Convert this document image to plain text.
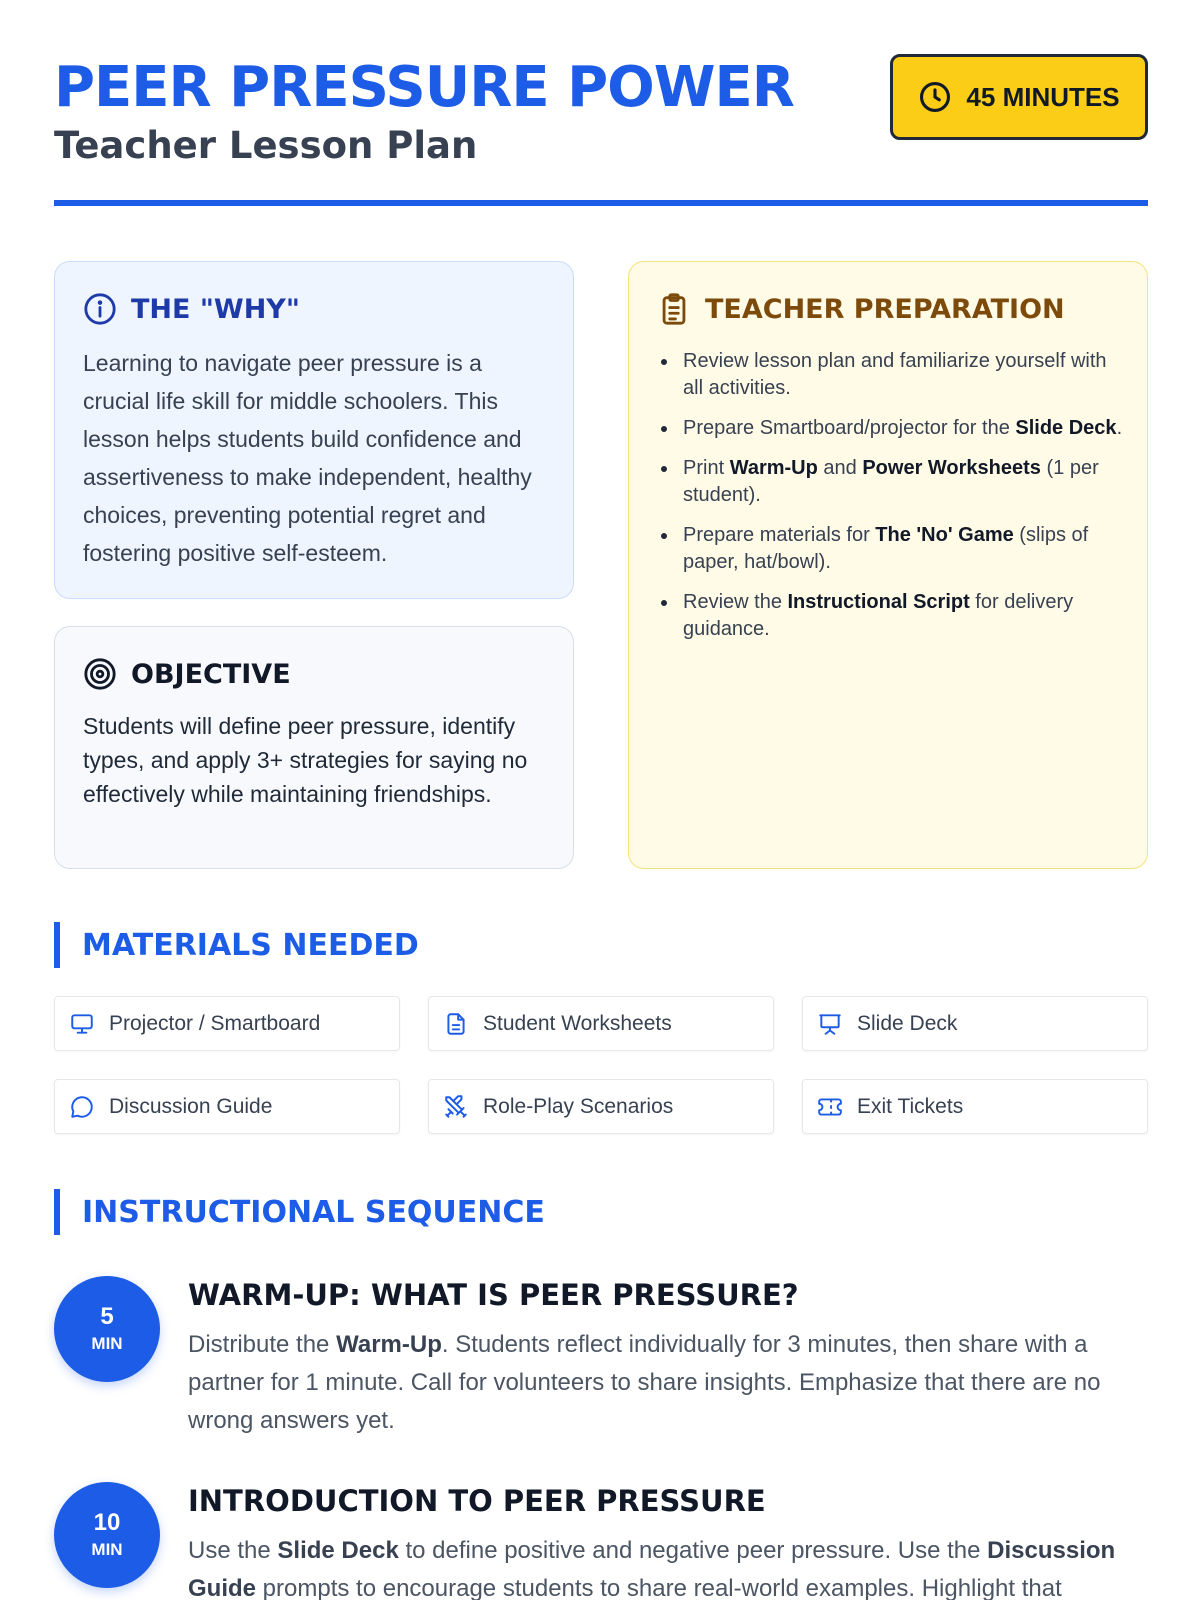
PEER PRESSURE POWER
Teacher Lesson Plan
45 MINUTES
THE "WHY"

Learning to navigate peer pressure is a crucial life skill for middle schoolers. This lesson helps students build confidence and assertiveness to make independent, healthy choices, preventing potential regret and fostering positive self-esteem.

OBJECTIVE

Students will define peer pressure, identify types, and apply 3+ strategies for saying no effectively while maintaining friendships.

TEACHER PREPARATION
Review lesson plan and familiarize yourself with all activities.
Prepare Smartboard/projector for the Slide Deck.
Print Warm-Up and Power Worksheets (1 per student).
Prepare materials for The 'No' Game (slips of paper, hat/bowl).
Review the Instructional Script for delivery guidance.
MATERIALS NEEDED
Projector / Smartboard	Student Worksheets	Slide Deck
Discussion Guide	Role-Play Scenarios	Exit Tickets
INSTRUCTIONAL SEQUENCE
5
MIN
WARM-UP: WHAT IS PEER PRESSURE?

Distribute the Warm-Up. Students reflect individually for 3 minutes, then share with a partner for 1 minute. Call for volunteers to share insights. Emphasize that there are no wrong answers yet.

10
MIN
INTRODUCTION TO PEER PRESSURE

Use the Slide Deck to define positive and negative peer pressure. Use the Discussion Guide prompts to encourage students to share real-world examples. Highlight that
